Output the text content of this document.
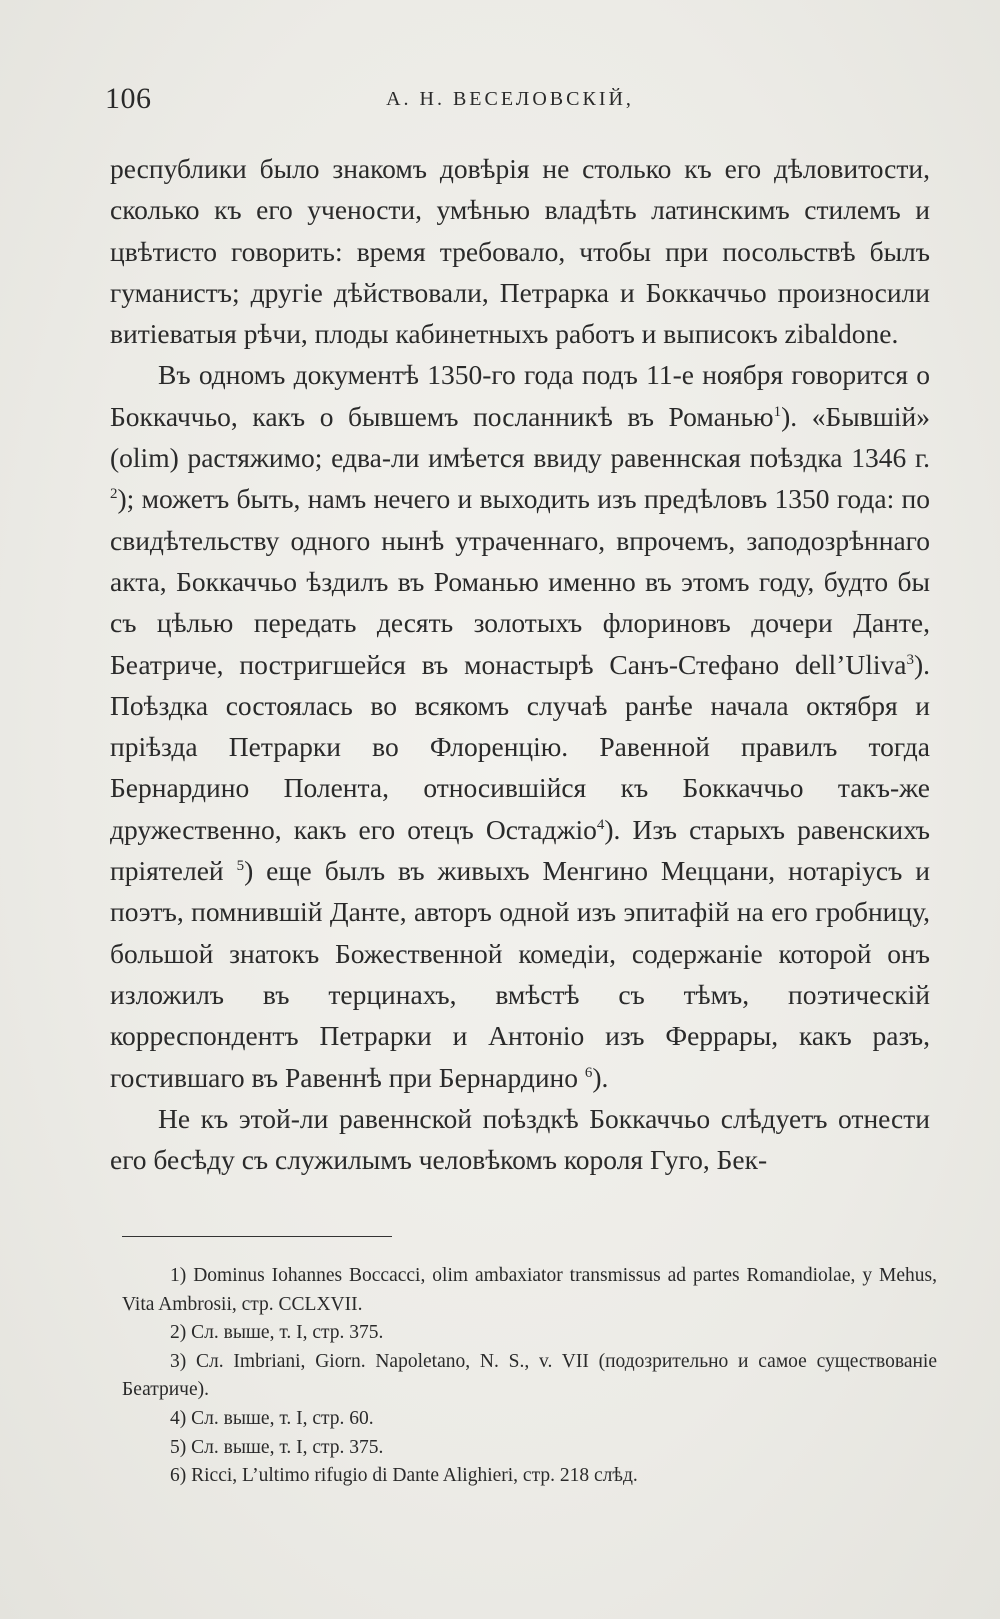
106	А. Н. ВЕСЕЛОВСКІЙ,

республики было знакомъ довѣрія не столько къ его дѣловитости, сколько къ его учености, умѣнью владѣть латинскимъ стилемъ и цвѣтисто говорить: время требовало, чтобы при посольствѣ былъ гуманистъ; другіе дѣйствовали, Петрарка и Боккаччьо произносили витіеватыя рѣчи, плоды кабинетныхъ работъ и выписокъ zibaldone.

Въ одномъ документѣ 1350-го года подъ 11-е ноября говорится о Боккаччьо, какъ о бывшемъ посланникѣ въ Романью$^1$). «Бывшій» (olim) растяжимо; едва-ли имѣется ввиду равеннская поѣздка 1346 г. $^2$); можетъ быть, намъ нечего и выходить изъ предѣловъ 1350 года: по свидѣтельству одного нынѣ утраченнаго, впрочемъ, заподозрѣннаго акта, Боккаччьо ѣздилъ въ Романью именно въ этомъ году, будто бы съ цѣлью передать десять золотыхъ флориновъ дочери Данте, Беатриче, постригшейся въ монастырѣ Санъ-Стефано dell’Uliva$^3$). Поѣздка состоялась во всякомъ случаѣ ранѣе начала октября и пріѣзда Петрарки во Флоренцію. Равенной правилъ тогда Бернардино Полента, относившійся къ Боккаччьо такъ-же дружественно, какъ его отецъ Остаджіо$^4$). Изъ старыхъ равенскихъ пріятелей $^5$) еще былъ въ живыхъ Менгино Меццани, нотаріусъ и поэтъ, помнившій Данте, авторъ одной изъ эпитафій на его гробницу, большой знатокъ Божественной комедіи, содержаніе которой онъ изложилъ въ терцинахъ, вмѣстѣ съ тѣмъ, поэтическій корреспондентъ Петрарки и Антоніо изъ Феррары, какъ разъ, гостившаго въ Равеннѣ при Бернардино $^6$).

Не къ этой-ли равеннской поѣздкѣ Боккаччьо слѣдуетъ отнести его бесѣду съ служилымъ человѣкомъ короля Гуго, Бек-

1) Dominus Iohannes Boccacci, olim ambaxiator transmissus ad partes Romandiolae, y Mehus, Vita Ambrosii, стр. CCLXVII.

2) Сл. выше, т. I, стр. 375.

3) Сл. Imbriani, Giorn. Napoletano, N. S., v. VII (подозрительно и самое существованіе Беатриче).

4) Сл. выше, т. I, стр. 60.

5) Сл. выше, т. I, стр. 375.

6) Ricci, L’ultimo rifugio di Dante Alighieri, стр. 218 слѣд.
